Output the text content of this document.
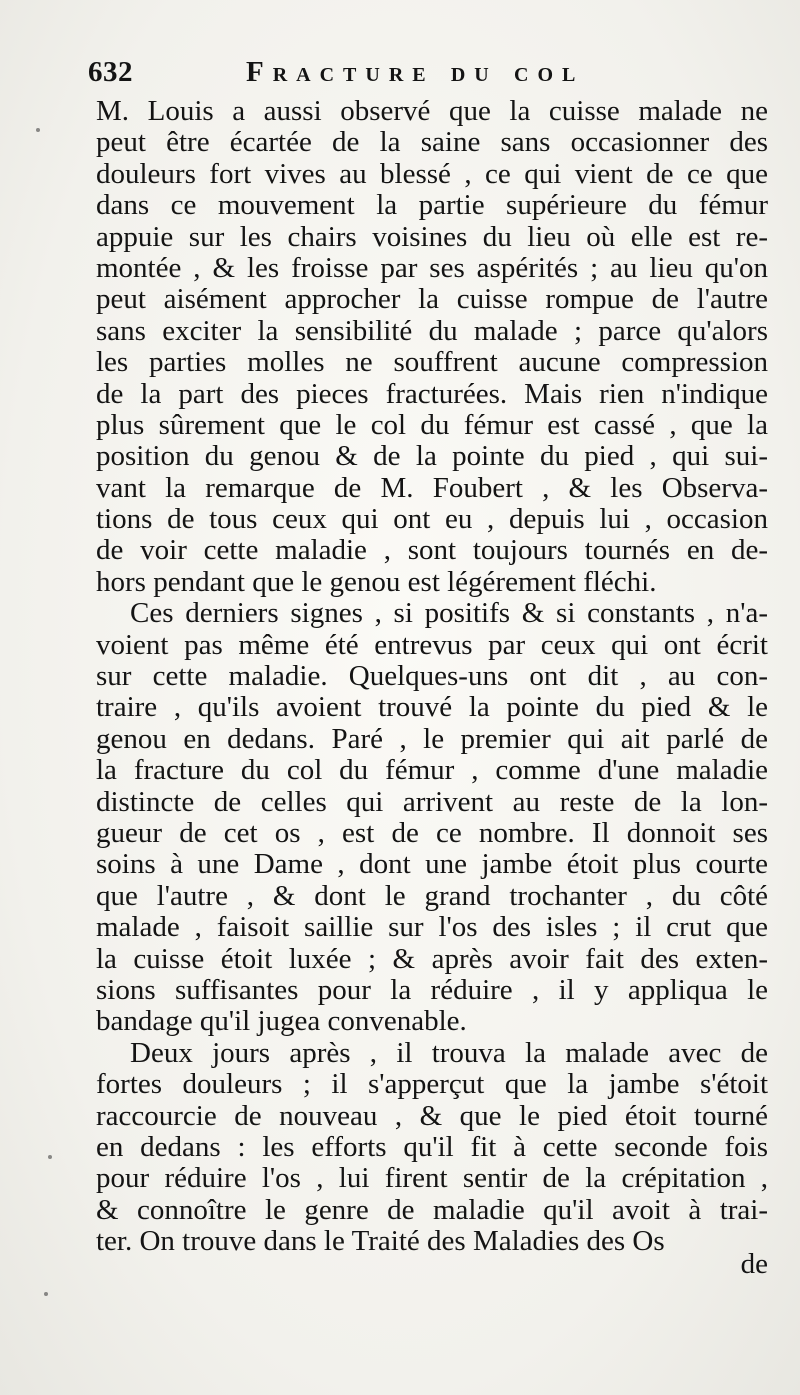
632	Fracture du col
M. Louis a aussi observé que la cuisse malade ne
peut être écartée de la saine sans occasionner des
douleurs fort vives au blessé , ce qui vient de ce que
dans ce mouvement la partie supérieure du fémur
appuie sur les chairs voisines du lieu où elle est re-
montée , & les froisse par ses aspérités ; au lieu qu'on
peut aisément approcher la cuisse rompue de l'autre
sans exciter la sensibilité du malade ; parce qu'alors
les parties molles ne souffrent aucune compression
de la part des pieces fracturées. Mais rien n'indique
plus sûrement que le col du fémur est cassé , que la
position du genou & de la pointe du pied , qui sui-
vant la remarque de M. Foubert , & les Observa-
tions de tous ceux qui ont eu , depuis lui , occasion
de voir cette maladie , sont toujours tournés en de-
hors pendant que le genou est légérement fléchi.
Ces derniers signes , si positifs & si constants , n'a-
voient pas même été entrevus par ceux qui ont écrit
sur cette maladie. Quelques-uns ont dit , au con-
traire , qu'ils avoient trouvé la pointe du pied & le
genou en dedans. Paré , le premier qui ait parlé de
la fracture du col du fémur , comme d'une maladie
distincte de celles qui arrivent au reste de la lon-
gueur de cet os , est de ce nombre. Il donnoit ses
soins à une Dame , dont une jambe étoit plus courte
que l'autre , & dont le grand trochanter , du côté
malade , faisoit saillie sur l'os des isles ; il crut que
la cuisse étoit luxée ; & après avoir fait des exten-
sions suffisantes pour la réduire , il y appliqua le
bandage qu'il jugea convenable.
Deux jours après , il trouva la malade avec de
fortes douleurs ; il s'apperçut que la jambe s'étoit
raccourcie de nouveau , & que le pied étoit tourné
en dedans : les efforts qu'il fit à cette seconde fois
pour réduire l'os , lui firent sentir de la crépitation ,
& connoître le genre de maladie qu'il avoit à trai-
ter. On trouve dans le Traité des Maladies des Os
de
